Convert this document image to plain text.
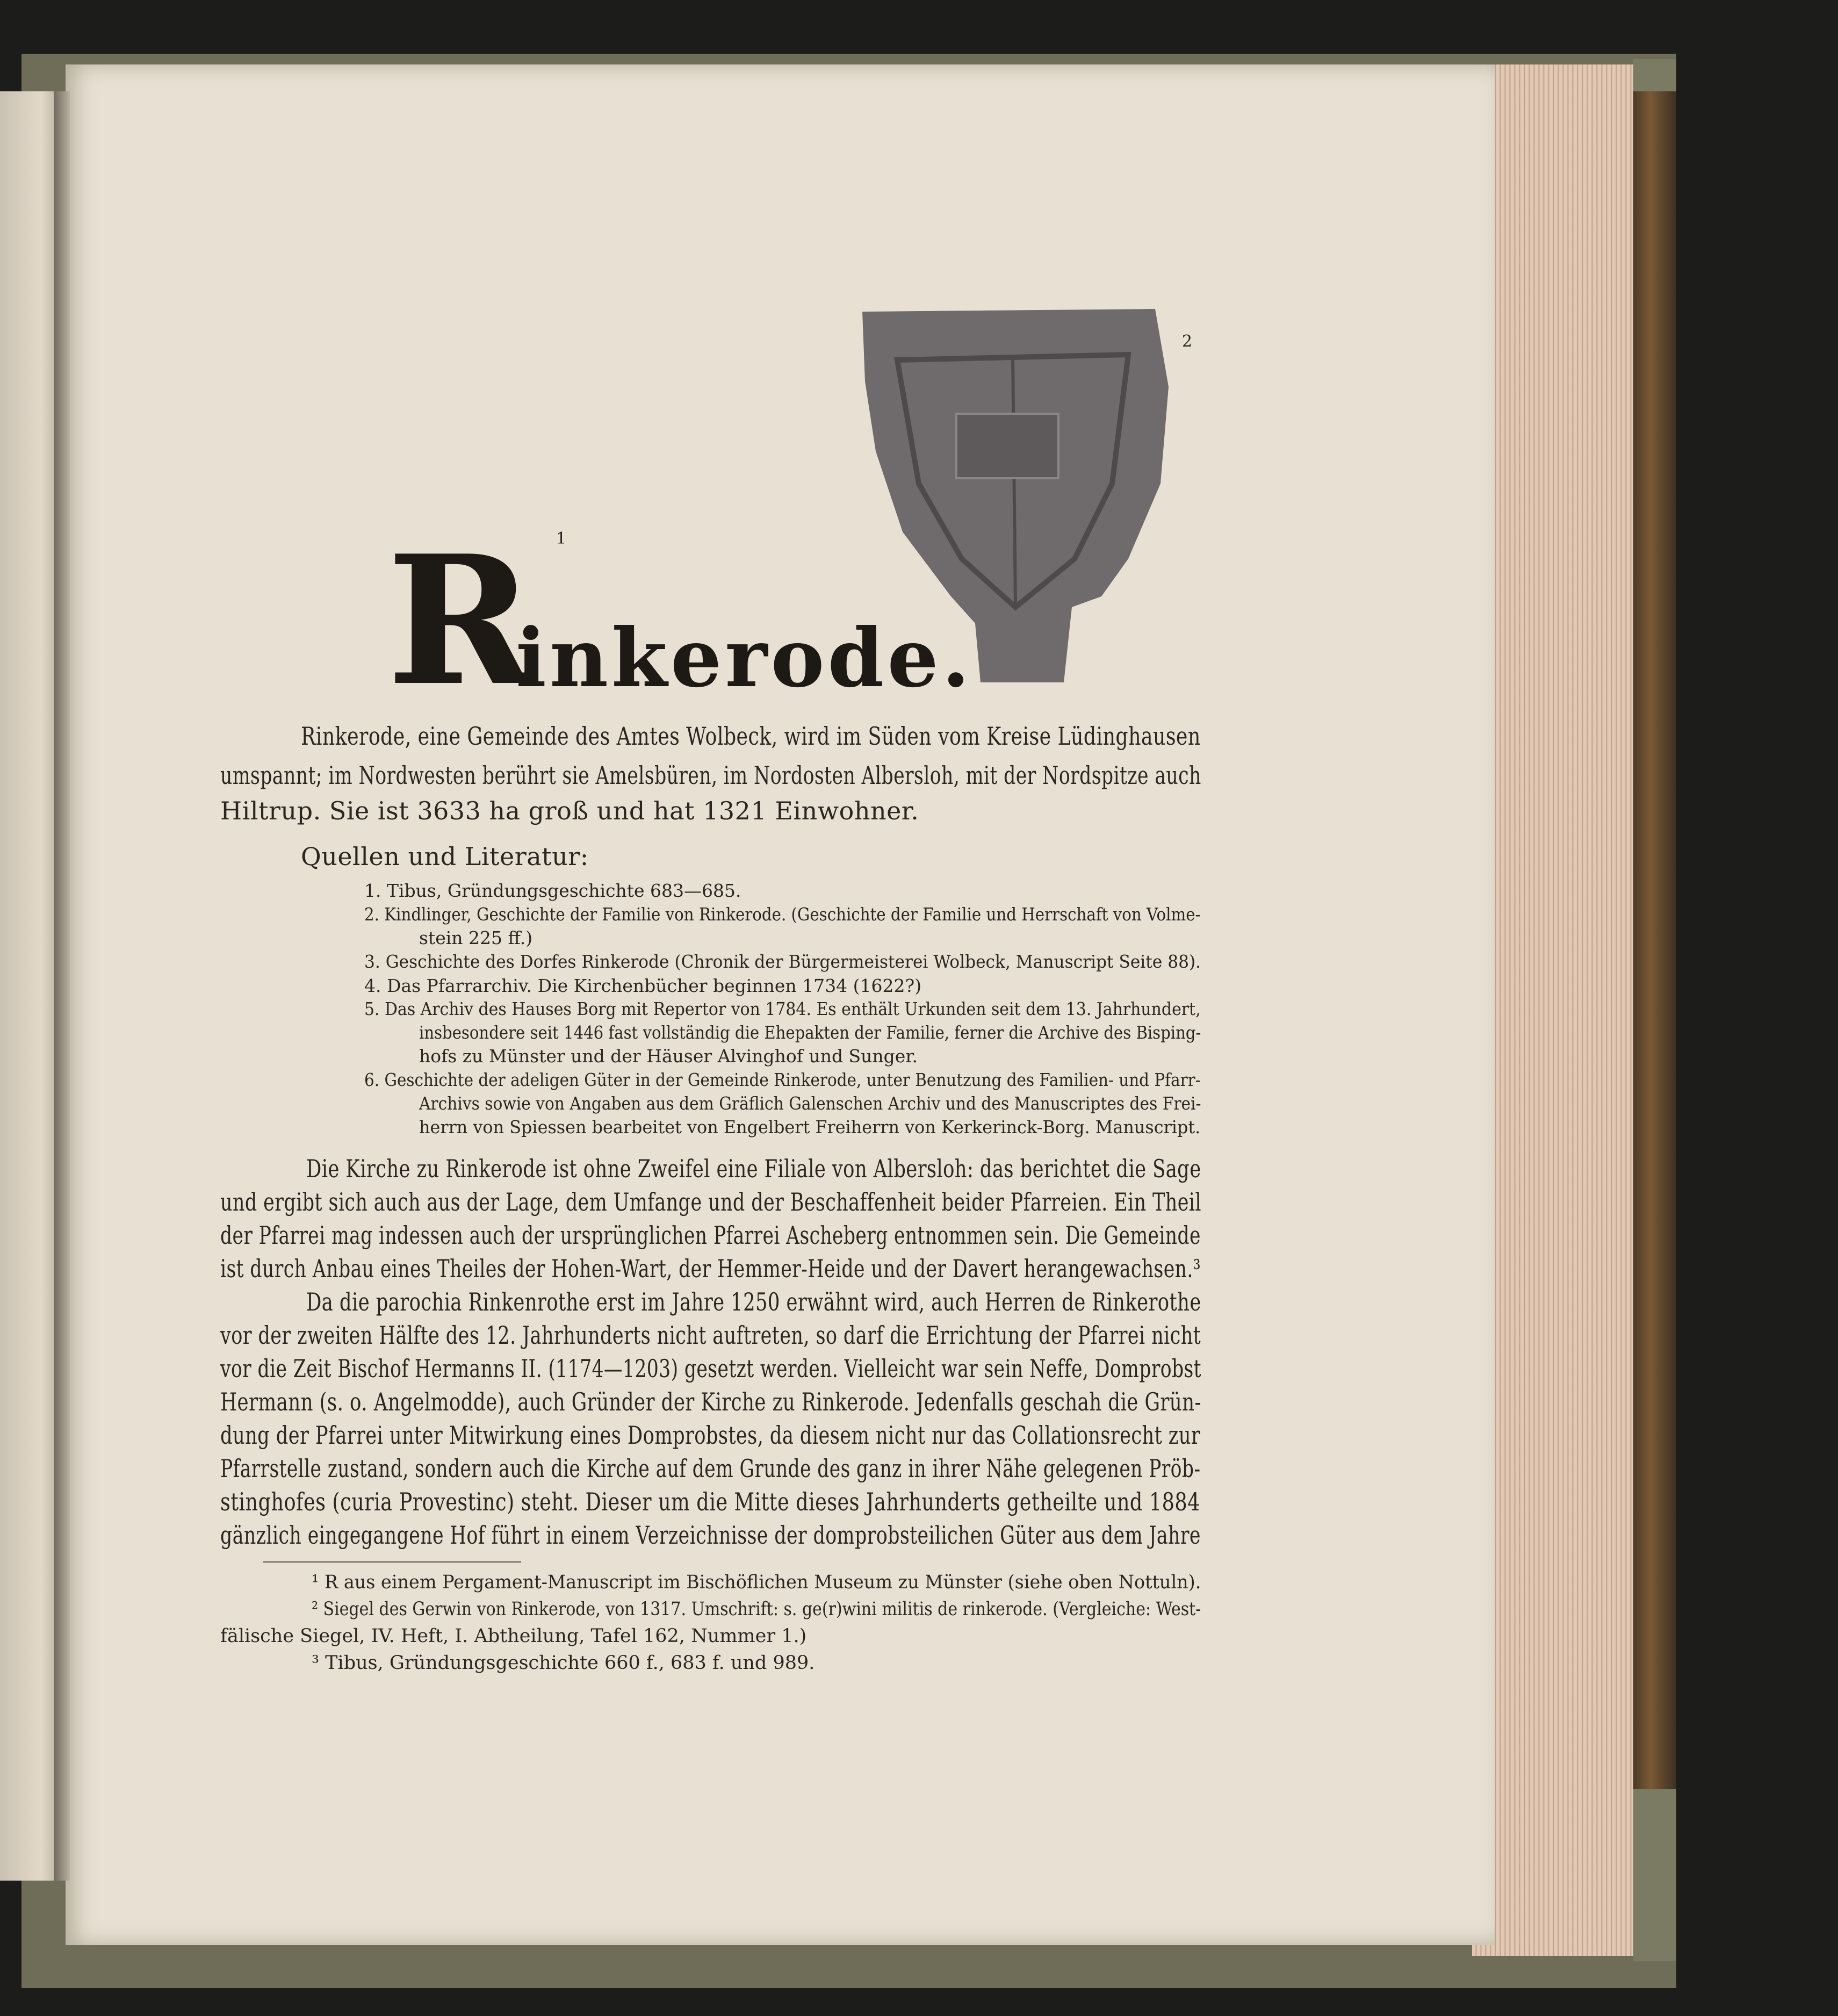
1
R
inkerode.
2
Rinkerode, eine Gemeinde des Amtes Wolbeck, wird im Süden vom Kreise Lüdinghausen
umspannt; im Nordwesten berührt sie Amelsbüren, im Nordosten Albersloh, mit der Nordspitze auch
Hiltrup. Sie ist 3633 ha groß und hat 1321 Einwohner.
Quellen und Literatur:
1. Tibus, Gründungsgeschichte 683—685.
2. Kindlinger, Geschichte der Familie von Rinkerode. (Geschichte der Familie und Herrschaft von Volme-
stein 225 ff.)
3. Geschichte des Dorfes Rinkerode (Chronik der Bürgermeisterei Wolbeck, Manuscript Seite 88).
4. Das Pfarrarchiv. Die Kirchenbücher beginnen 1734 (1622?)
5. Das Archiv des Hauses Borg mit Repertor von 1784. Es enthält Urkunden seit dem 13. Jahrhundert,
insbesondere seit 1446 fast vollständig die Ehepakten der Familie, ferner die Archive des Bisping-
hofs zu Münster und der Häuser Alvinghof und Sunger.
6. Geschichte der adeligen Güter in der Gemeinde Rinkerode, unter Benutzung des Familien- und Pfarr-
Archivs sowie von Angaben aus dem Gräflich Galenschen Archiv und des Manuscriptes des Frei-
herrn von Spiessen bearbeitet von Engelbert Freiherrn von Kerkerinck-Borg. Manuscript.
Die Kirche zu Rinkerode ist ohne Zweifel eine Filiale von Albersloh: das berichtet die Sage
und ergibt sich auch aus der Lage, dem Umfange und der Beschaffenheit beider Pfarreien. Ein Theil
der Pfarrei mag indessen auch der ursprünglichen Pfarrei Ascheberg entnommen sein. Die Gemeinde
ist durch Anbau eines Theiles der Hohen-Wart, der Hemmer-Heide und der Davert herangewachsen.³
Da die parochia Rinkenrothe erst im Jahre 1250 erwähnt wird, auch Herren de Rinkerothe
vor der zweiten Hälfte des 12. Jahrhunderts nicht auftreten, so darf die Errichtung der Pfarrei nicht
vor die Zeit Bischof Hermanns II. (1174—1203) gesetzt werden. Vielleicht war sein Neffe, Domprobst
Hermann (s. o. Angelmodde), auch Gründer der Kirche zu Rinkerode. Jedenfalls geschah die Grün-
dung der Pfarrei unter Mitwirkung eines Domprobstes, da diesem nicht nur das Collationsrecht zur
Pfarrstelle zustand, sondern auch die Kirche auf dem Grunde des ganz in ihrer Nähe gelegenen Pröb-
stinghofes (curia Provestinc) steht. Dieser um die Mitte dieses Jahrhunderts getheilte und 1884
gänzlich eingegangene Hof führt in einem Verzeichnisse der domprobsteilichen Güter aus dem Jahre
¹ R aus einem Pergament-Manuscript im Bischöflichen Museum zu Münster (siehe oben Nottuln).
² Siegel des Gerwin von Rinkerode, von 1317. Umschrift: s. ge(r)wini militis de rinkerode. (Vergleiche: West-
fälische Siegel, IV. Heft, I. Abtheilung, Tafel 162, Nummer 1.)
³ Tibus, Gründungsgeschichte 660 f., 683 f. und 989.
